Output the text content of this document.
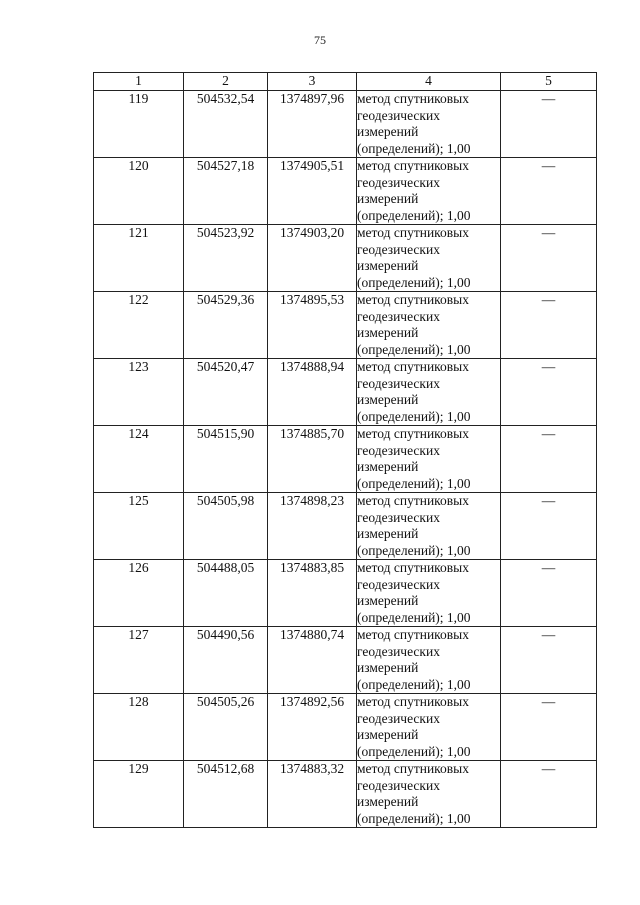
75
1	2	3	4	5
119	504532,54	1374897,96	метод спутниковых
геодезических
измерений
(определений); 1,00	—
120	504527,18	1374905,51	метод спутниковых
геодезических
измерений
(определений); 1,00	—
121	504523,92	1374903,20	метод спутниковых
геодезических
измерений
(определений); 1,00	—
122	504529,36	1374895,53	метод спутниковых
геодезических
измерений
(определений); 1,00	—
123	504520,47	1374888,94	метод спутниковых
геодезических
измерений
(определений); 1,00	—
124	504515,90	1374885,70	метод спутниковых
геодезических
измерений
(определений); 1,00	—
125	504505,98	1374898,23	метод спутниковых
геодезических
измерений
(определений); 1,00	—
126	504488,05	1374883,85	метод спутниковых
геодезических
измерений
(определений); 1,00	—
127	504490,56	1374880,74	метод спутниковых
геодезических
измерений
(определений); 1,00	—
128	504505,26	1374892,56	метод спутниковых
геодезических
измерений
(определений); 1,00	—
129	504512,68	1374883,32	метод спутниковых
геодезических
измерений
(определений); 1,00	—
